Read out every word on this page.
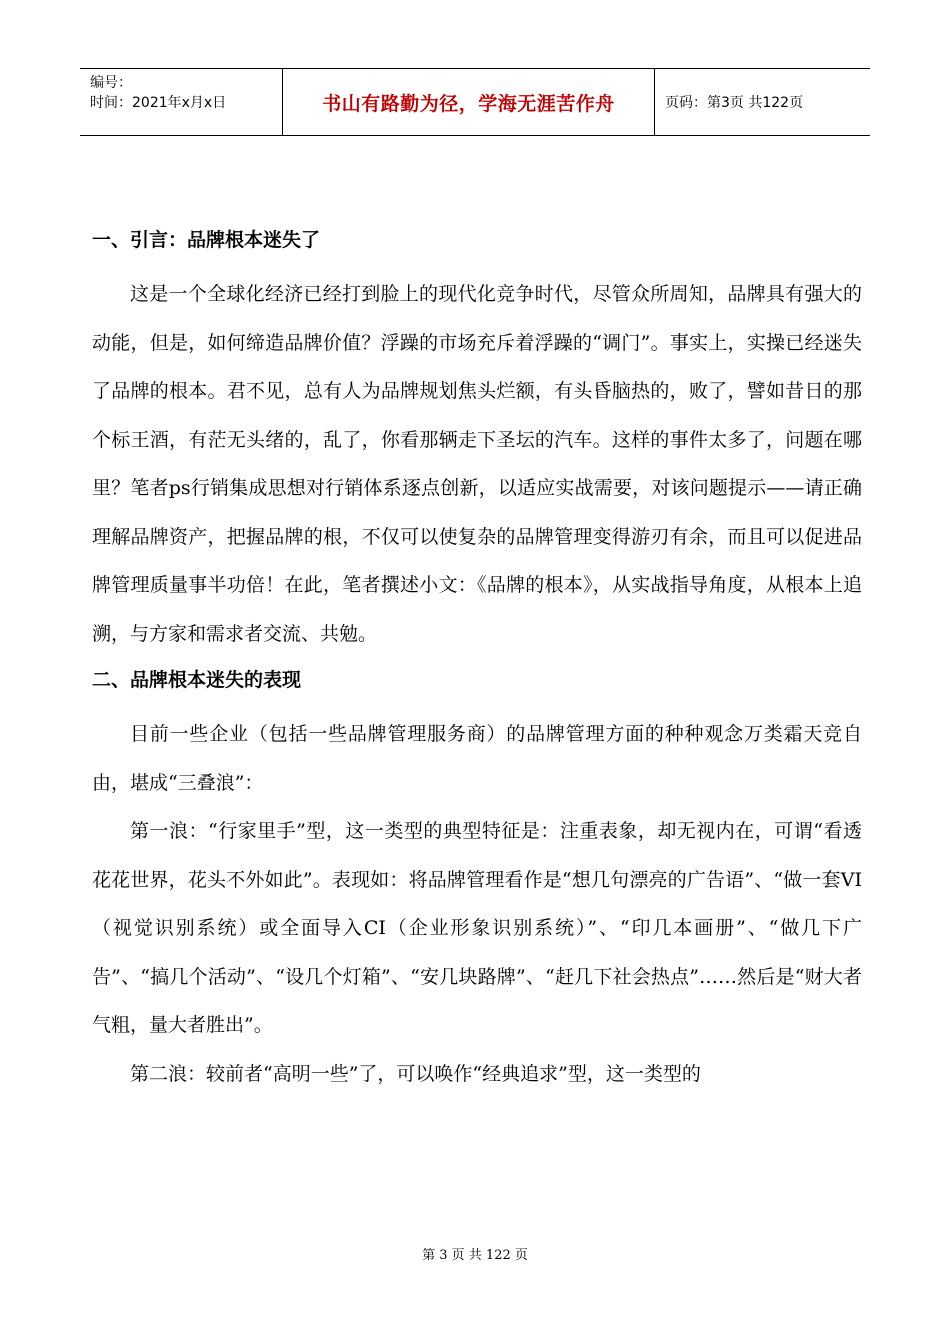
编号：
时间：2021年x月x日	书山有路勤为径，学海无涯苦作舟	页码：第3页 共122页
一、引言：品牌根本迷失了

这是一个全球化经济已经打到脸上的现代化竞争时代，尽管众所周知，品牌具有强大的动能，但是，如何缔造品牌价值？浮躁的市场充斥着浮躁的“调门”。事实上，实操已经迷失了品牌的根本。君不见，总有人为品牌规划焦头烂额，有头昏脑热的，败了，譬如昔日的那个标王酒，有茫无头绪的，乱了，你看那辆走下圣坛的汽车。这样的事件太多了，问题在哪里？笔者ps行销集成思想对行销体系逐点创新，以适应实战需要，对该问题提示——请正确理解品牌资产，把握品牌的根，不仅可以使复杂的品牌管理变得游刃有余，而且可以促进品牌管理质量事半功倍！在此，笔者撰述小文：《品牌的根本》，从实战指导角度，从根本上追溯，与方家和需求者交流、共勉。

二、品牌根本迷失的表现

目前一些企业（包括一些品牌管理服务商）的品牌管理方面的种种观念万类霜天竞自由，堪成“三叠浪”：

第一浪：“行家里手”型，这一类型的典型特征是：注重表象，却无视内在，可谓“看透花花世界，花头不外如此”。表现如：将品牌管理看作是“想几句漂亮的广告语”、“做一套VI（视觉识别系统）或全面导入CI（企业形象识别系统）”、“印几本画册”、“做几下广告”、“搞几个活动”、“设几个灯箱”、“安几块路牌”、“赶几下社会热点”……然后是“财大者气粗，量大者胜出”。

第二浪：较前者“高明一些”了，可以唤作“经典追求”型，这一类型的

第 3 页 共 122 页
